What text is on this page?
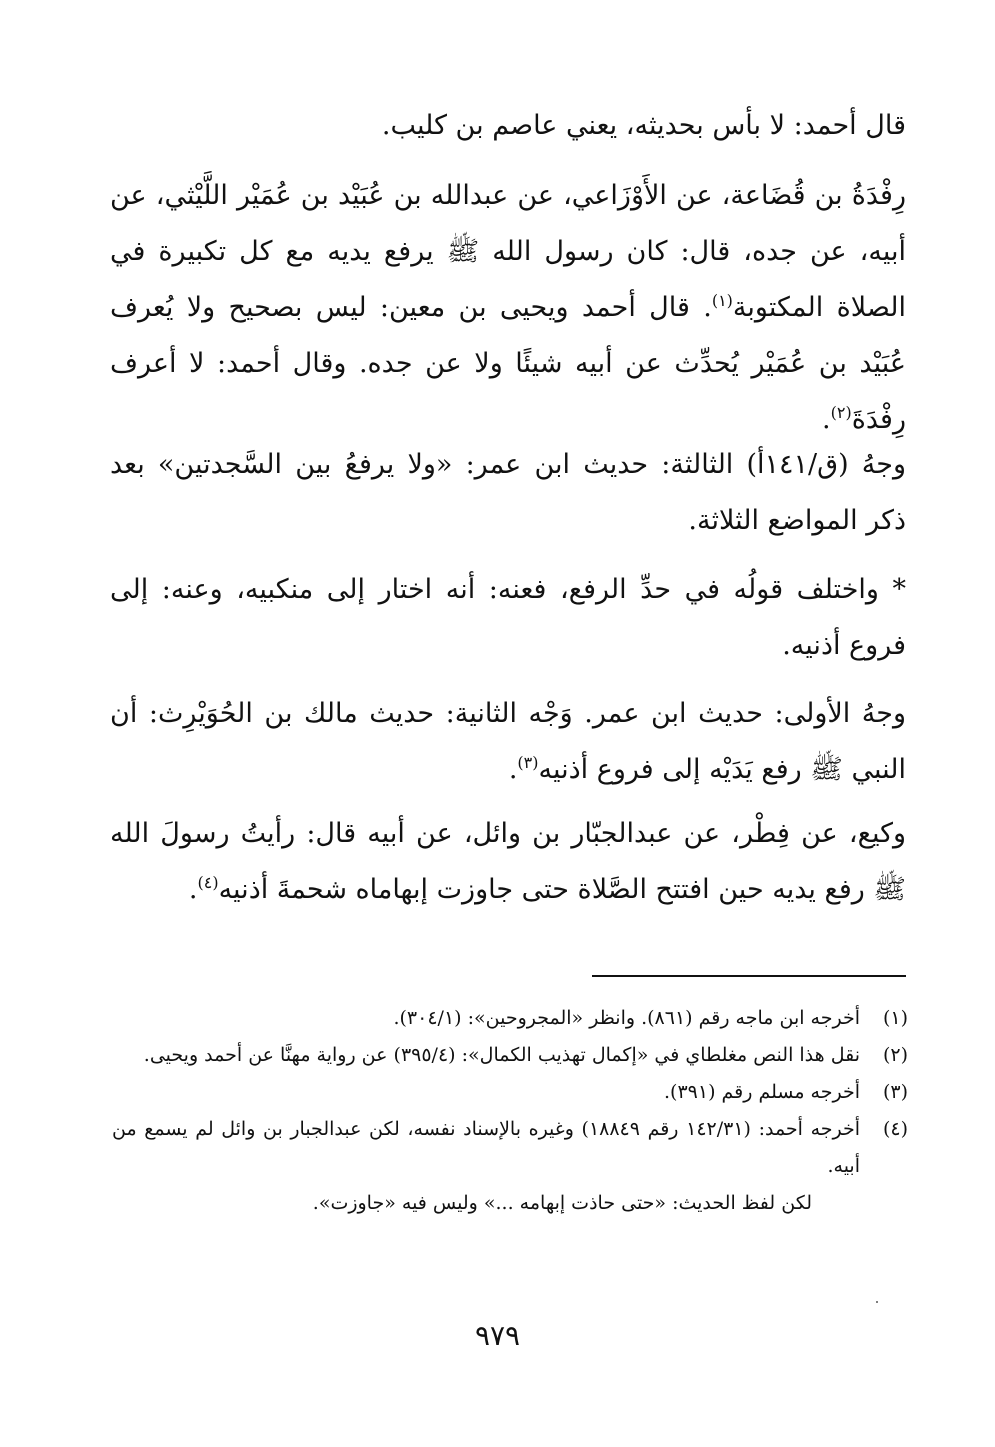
قال أحمد: لا بأس بحديثه، يعني عاصم بن كليب.

رِفْدَةُ بن قُضَاعة، عن الأَوْزَاعي، عن عبدالله بن عُبَيْد بن عُمَيْر اللَّيْثي، عن أبيه، عن جده، قال: كان رسول الله ﷺ يرفع يديه مع كل تكبيرة في الصلاة المكتوبة$^{(١)}$. قال أحمد ويحيى بن معين: ليس بصحيح ولا يُعرف عُبَيْد بن عُمَيْر يُحدِّث عن أبيه شيئًا ولا عن جده. وقال أحمد: لا أعرف رِفْدَةَ$^{(٢)}$.

وجهُ (ق/١٤١أ) الثالثة: حديث ابن عمر: «ولا يرفعُ بين السَّجدتين» بعد ذكر المواضع الثلاثة.

* واختلف قولُه في حدِّ الرفع، فعنه: أنه اختار إلى منكبيه، وعنه: إلى فروع أذنيه.

وجهُ الأولى: حديث ابن عمر. وَجْه الثانية: حديث مالك بن الحُوَيْرِث: أن النبي ﷺ رفع يَدَيْه إلى فروع أذنيه$^{(٣)}$.

وكيع، عن فِطْر، عن عبدالجبّار بن وائل، عن أبيه قال: رأيتُ رسولَ الله ﷺ رفع يديه حين افتتح الصَّلاة حتى جاوزت إبهاماه شحمةَ أذنيه$^{(٤)}$.

(١)
أخرجه ابن ماجه رقم (٨٦١). وانظر «المجروحين»: (٣٠٤/١).
(٢)
نقل هذا النص مغلطاي في «إكمال تهذيب الكمال»: (٣٩٥/٤) عن رواية مهنَّا عن أحمد ويحيى.
(٣)
أخرجه مسلم رقم (٣٩١).
(٤)
أخرجه أحمد: (١٤٢/٣١ رقم ١٨٨٤٩) وغيره بالإسناد نفسه، لكن عبدالجبار بن وائل لم يسمع من أبيه.
لكن لفظ الحديث: «حتى حاذت إبهامه ...» وليس فيه «جاوزت».
٩٧٩
